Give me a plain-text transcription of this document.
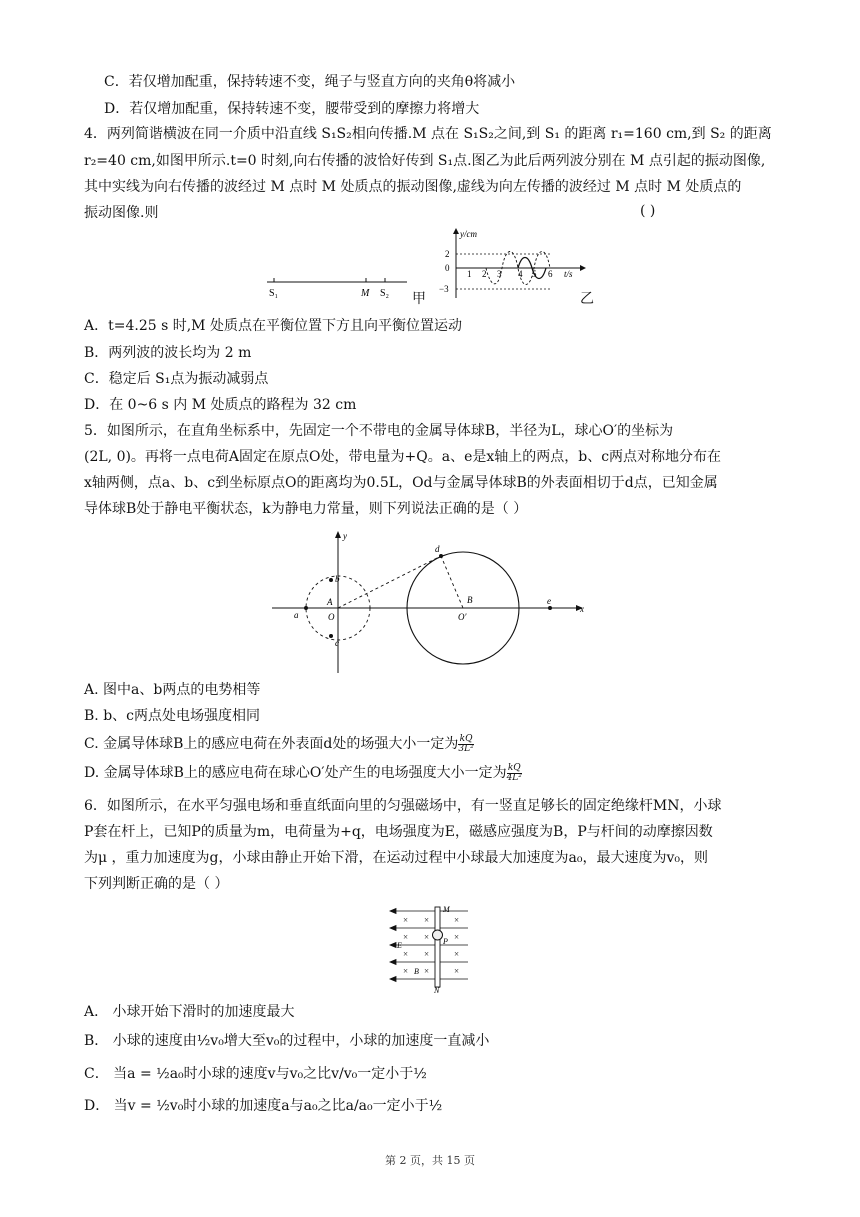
C．若仅增加配重，保持转速不变，绳子与竖直方向的夹角θ将减小
D．若仅增加配重，保持转速不变，腰带受到的摩擦力将增大
4．两列简谐横波在同一介质中沿直线 S₁S₂相向传播.M 点在 S₁S₂之间,到 S₁ 的距离 r₁=160 cm,到 S₂ 的距离
r₂=40 cm,如图甲所示.t=0 时刻,向右传播的波恰好传到 S₁点.图乙为此后两列波分别在 M 点引起的振动图像,
其中实线为向右传播的波经过 M 点时 M 处质点的振动图像,虚线为向左传播的波经过 M 点时 M 处质点的
振动图像.则	( )
S₁	M S₂ 甲
y/cm
t/s
2
0
−3
1 2 3 4 5 6
乙
A．t=4.25 s 时,M 处质点在平衡位置下方且向平衡位置运动
B．两列波的波长均为 2 m
C．稳定后 S₁点为振动减弱点
D．在 0~6 s 内 M 处质点的路程为 32 cm
5．如图所示，在直角坐标系中，先固定一个不带电的金属导体球B，半径为L，球心O′的坐标为
(2L, 0)。再将一点电荷A固定在原点O处，带电量为+Q。a、e是x轴上的两点，b、c两点对称地分布在
x轴两侧，点a、b、c到坐标原点O的距离均为0.5L，Od与金属导体球B的外表面相切于d点，已知金属
导体球B处于静电平衡状态，k为静电力常量，则下列说法正确的是（ ）
x
y
a
A
O
b
c
d
B
O′
e
A. 图中a、b两点的电势相等
B. b、c两点处电场强度相同
C. 金属导体球B上的感应电荷在外表面d处的场强大小一定为 $\frac{kQ}{\text{3L²}}$
D. 金属导体球B上的感应电荷在球心O′处产生的电场强度大小一定为 $\frac{kQ}{\text{4L²}}$
6．如图所示，在水平匀强电场和垂直纸面向里的匀强磁场中，有一竖直足够长的固定绝缘杆MN，小球
P套在杆上，已知P的质量为m，电荷量为+q，电场强度为E，磁感应强度为B，P与杆间的动摩擦因数
为μ ，重力加速度为g，小球由静止开始下滑，在运动过程中小球最大加速度为a₀，最大速度为v₀，则
下列判断正确的是（ ）
× ×	×
× ×	×
× ×	×
× ×	×
M
N
P
E
B
A． 小球开始下滑时的加速度最大
B． 小球的速度由½v₀增大至v₀的过程中，小球的加速度一直减小
C． 当a = ½a₀时小球的速度v与v₀之比v/v₀一定小于½
D． 当v = ½v₀时小球的加速度a与a₀之比a/a₀一定小于½
第 2 页，共 15 页
